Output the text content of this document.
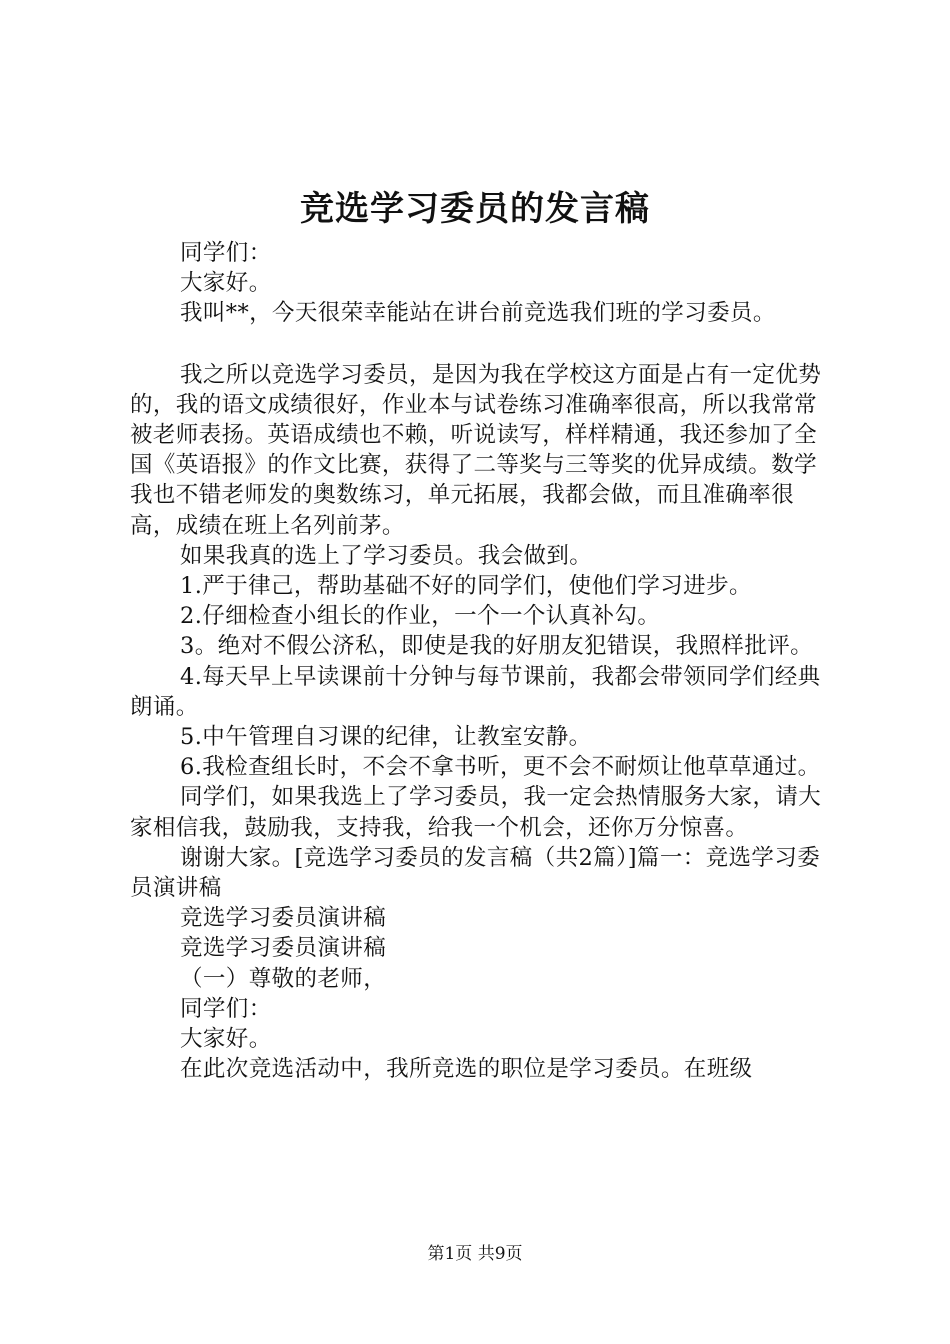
竞选学习委员的发言稿

同学们：

大家好。

我叫**，今天很荣幸能站在讲台前竞选我们班的学习委员。

我之所以竞选学习委员，是因为我在学校这方面是占有一定优势的，我的语文成绩很好，作业本与试卷练习准确率很高，所以我常常被老师表扬。英语成绩也不赖，听说读写，样样精通，我还参加了全国《英语报》的作文比赛，获得了二等奖与三等奖的优异成绩。数学我也不错老师发的奥数练习，单元拓展，我都会做，而且准确率很高，成绩在班上名列前茅。

如果我真的选上了学习委员。我会做到。

1.严于律己，帮助基础不好的同学们，使他们学习进步。

2.仔细检查小组长的作业，一个一个认真补勾。

3。绝对不假公济私，即使是我的好朋友犯错误，我照样批评。

4.每天早上早读课前十分钟与每节课前，我都会带领同学们经典朗诵。

5.中午管理自习课的纪律，让教室安静。

6.我检查组长时，不会不拿书听，更不会不耐烦让他草草通过。

同学们，如果我选上了学习委员，我一定会热情服务大家，请大家相信我，鼓励我，支持我，给我一个机会，还你万分惊喜。

谢谢大家。[竞选学习委员的发言稿（共2篇）]篇一：竞选学习委员演讲稿

竞选学习委员演讲稿

竞选学习委员演讲稿

（一）尊敬的老师，

同学们：

大家好。

在此次竞选活动中，我所竞选的职位是学习委员。在班级

第1页 共9页
